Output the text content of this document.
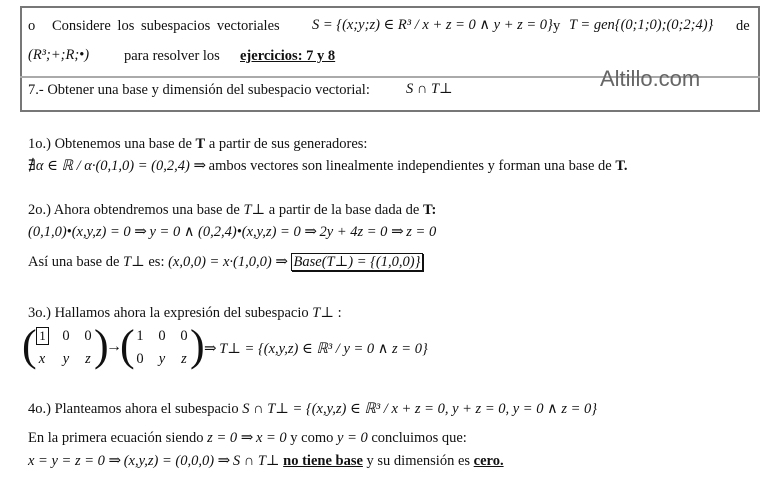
o Considere los subespacios vectoriales S = {(x;y;z) ∈ R³ / x + z = 0 ∧ y + z = 0} y T = gen{(0;1;0);(0;2;4)} de
(R³;+;R;•) para resolver los ejercicios: 7 y 8
Altillo.com
7.- Obtener una base y dimensión del subespacio vectorial: S ∩ T⊥
1o.) Obtenemos una base de T a partir de sus generadores:
∄α ∈ ℝ / α·(0,1,0) = (0,2,4) ⇒ ambos vectores son linealmente independientes y forman una base de T.
2o.) Ahora obtendremos una base de T⊥ a partir de la base dada de T:
(0,1,0)•(x,y,z) = 0 ⇒ y = 0 ∧ (0,2,4)•(x,y,z) = 0 ⇒ 2y + 4z = 0 ⇒ z = 0
Así una base de T⊥ es: (x,0,0) = x·(1,0,0) ⇒ Base(T⊥) = {(1,0,0)}
3o.) Hallamos ahora la expresión del subespacio T⊥ :
( 1	0	0
x	y	z )
→
( 1	0	0
0	y	z ) ⇒ T⊥ = {(x,y,z) ∈ ℝ³ / y = 0 ∧ z = 0}
4o.) Planteamos ahora el subespacio S ∩ T⊥ = {(x,y,z) ∈ ℝ³ / x + z = 0, y + z = 0, y = 0 ∧ z = 0}
En la primera ecuación siendo z = 0 ⇒ x = 0 y como y = 0 concluimos que:
x = y = z = 0 ⇒ (x,y,z) = (0,0,0) ⇒ S ∩ T⊥ no tiene base y su dimensión es cero.
